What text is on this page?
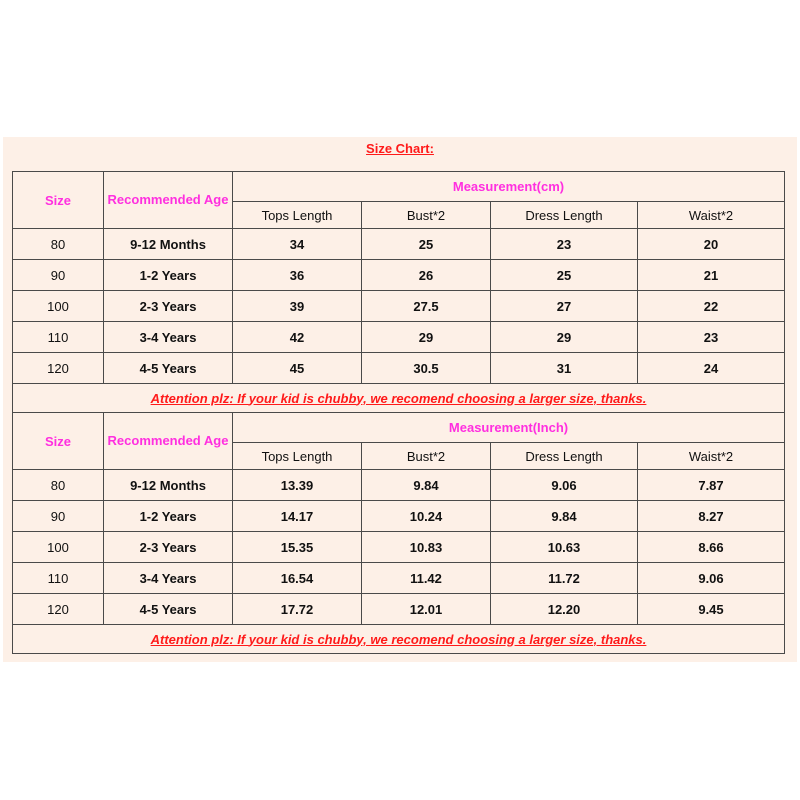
Size Chart:
Size	Recommended Age	Measurement(cm)			
		Tops Length	Bust*2	Dress Length	Waist*2
80	9-12 Months	34	25	23	20
90	1-2 Years	36	26	25	21
100	2-3 Years	39	27.5	27	22
110	3-4 Years	42	29	29	23
120	4-5 Years	45	30.5	31	24
Attention plz: If your kid is chubby, we recomend choosing a larger size, thanks.					
Size	Recommended Age	Measurement(Inch)			
		Tops Length	Bust*2	Dress Length	Waist*2
80	9-12 Months	13.39	9.84	9.06	7.87
90	1-2 Years	14.17	10.24	9.84	8.27
100	2-3 Years	15.35	10.83	10.63	8.66
110	3-4 Years	16.54	11.42	11.72	9.06
120	4-5 Years	17.72	12.01	12.20	9.45
Attention plz: If your kid is chubby, we recomend choosing a larger size, thanks.					
